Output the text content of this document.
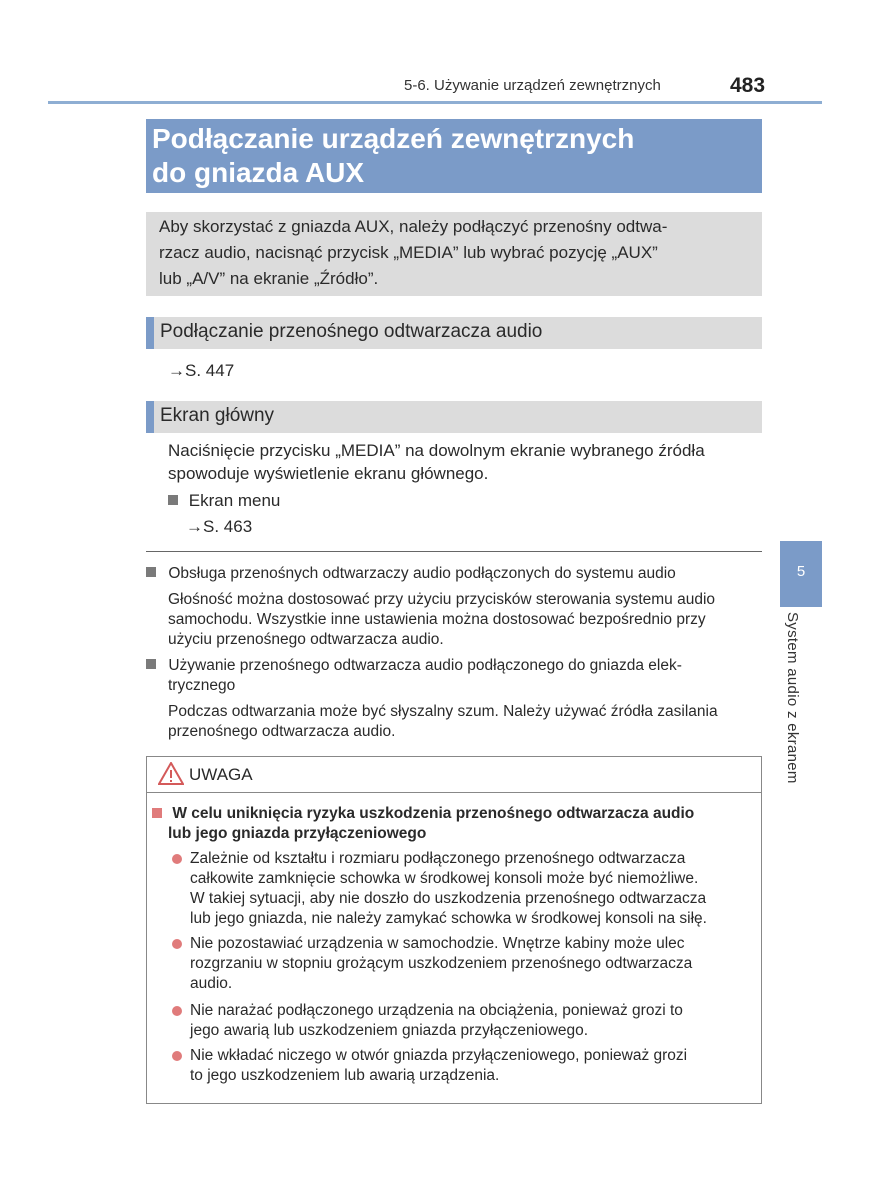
5-6. Używanie urządzeń zewnętrznych	483
Podłączanie urządzeń zewnętrznych
do gniazda AUX
Aby skorzystać z gniazda AUX, należy podłączyć przenośny odtwa-
rzacz audio, nacisnąć przycisk „MEDIA” lub wybrać pozycję „AUX”
lub „A/V” na ekranie „Źródło”.
Podłączanie przenośnego odtwarzacza audio
→S. 447
Ekran główny
Naciśnięcie przycisku „MEDIA” na dowolnym ekranie wybranego źródła
spowoduje wyświetlenie ekranu głównego.
Ekran menu
→S. 463
Obsługa przenośnych odtwarzaczy audio podłączonych do systemu audio
Głośność można dostosować przy użyciu przycisków sterowania systemu audio
samochodu. Wszystkie inne ustawienia można dostosować bezpośrednio przy
użyciu przenośnego odtwarzacza audio.
Używanie przenośnego odtwarzacza audio podłączonego do gniazda elek-
trycznego
Podczas odtwarzania może być słyszalny szum. Należy używać źródła zasilania
przenośnego odtwarzacza audio.
5
System audio z ekranem
UWAGA
W celu uniknięcia ryzyka uszkodzenia przenośnego odtwarzacza audio
lub jego gniazda przyłączeniowego
Zależnie od kształtu i rozmiaru podłączonego przenośnego odtwarzacza
całkowite zamknięcie schowka w środkowej konsoli może być niemożliwe.
W takiej sytuacji, aby nie doszło do uszkodzenia przenośnego odtwarzacza
lub jego gniazda, nie należy zamykać schowka w środkowej konsoli na siłę.
Nie pozostawiać urządzenia w samochodzie. Wnętrze kabiny może ulec
rozgrzaniu w stopniu grożącym uszkodzeniem przenośnego odtwarzacza
audio.
Nie narażać podłączonego urządzenia na obciążenia, ponieważ grozi to
jego awarią lub uszkodzeniem gniazda przyłączeniowego.
Nie wkładać niczego w otwór gniazda przyłączeniowego, ponieważ grozi
to jego uszkodzeniem lub awarią urządzenia.
